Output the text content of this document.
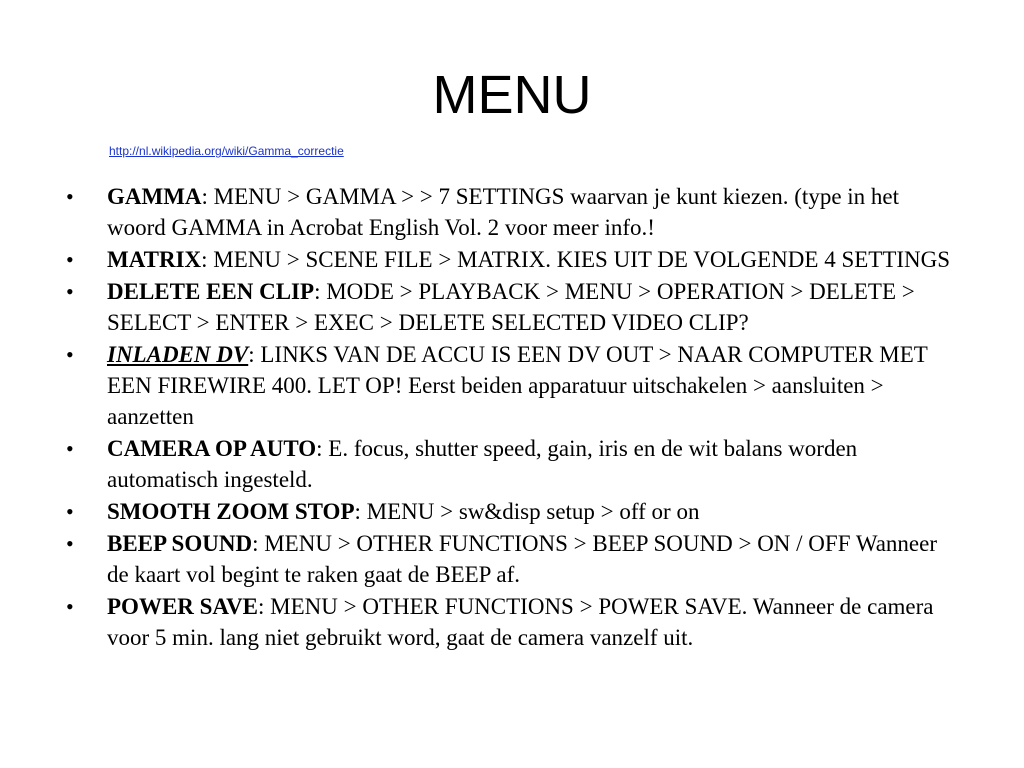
MENU
http://nl.wikipedia.org/wiki/Gamma_correctie
• GAMMA: MENU > GAMMA > > 7 SETTINGS waarvan je kunt kiezen. (type in het woord GAMMA in Acrobat English Vol. 2 voor meer info.!
• MATRIX: MENU > SCENE FILE > MATRIX. KIES UIT DE VOLGENDE 4 SETTINGS
• DELETE EEN CLIP: MODE > PLAYBACK > MENU > OPERATION > DELETE > SELECT > ENTER > EXEC > DELETE SELECTED VIDEO CLIP?
• INLADEN DV: LINKS VAN DE ACCU IS EEN DV OUT > NAAR COMPUTER MET EEN FIREWIRE 400. LET OP! Eerst beiden apparatuur uitschakelen > aansluiten > aanzetten
• CAMERA OP AUTO: E. focus, shutter speed, gain, iris en de wit balans worden automatisch ingesteld.
• SMOOTH ZOOM STOP: MENU > sw&disp setup > off or on
• BEEP SOUND: MENU > OTHER FUNCTIONS > BEEP SOUND > ON / OFF Wanneer de kaart vol begint te raken gaat de BEEP af.
• POWER SAVE: MENU > OTHER FUNCTIONS > POWER SAVE. Wanneer de camera voor 5 min. lang niet gebruikt word, gaat de camera vanzelf uit.
